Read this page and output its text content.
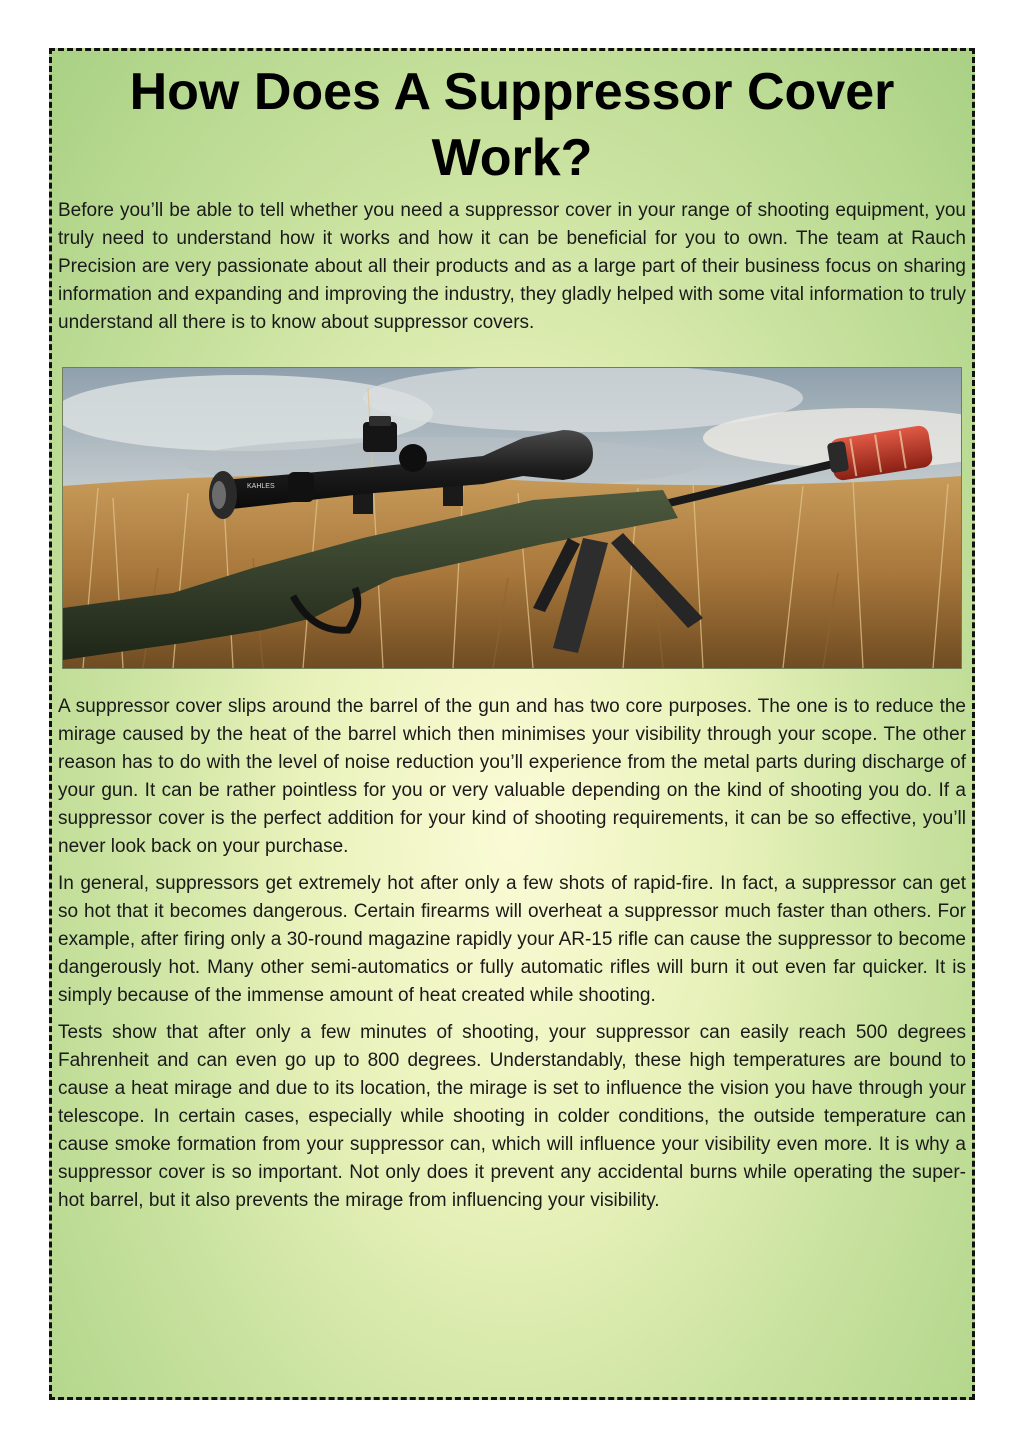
How Does A Suppressor Cover Work?

Before you’ll be able to tell whether you need a suppressor cover in your range of shooting equipment, you truly need to understand how it works and how it can be beneficial for you to own. The team at Rauch Precision are very passionate about all their products and as a large part of their business focus on sharing information and expanding and improving the industry, they gladly helped with some vital information to truly understand all there is to know about suppressor covers.

KAHLES

A suppressor cover slips around the barrel of the gun and has two core purposes. The one is to reduce the mirage caused by the heat of the barrel which then minimises your visibility through your scope. The other reason has to do with the level of noise reduction you’ll experience from the metal parts during discharge of your gun. It can be rather pointless for you or very valuable depending on the kind of shooting you do. If a suppressor cover is the perfect addition for your kind of shooting requirements, it can be so effective, you’ll never look back on your purchase.

In general, suppressors get extremely hot after only a few shots of rapid-fire. In fact, a suppressor can get so hot that it becomes dangerous. Certain firearms will overheat a suppressor much faster than others. For example, after firing only a 30-round magazine rapidly your AR-15 rifle can cause the suppressor to become dangerously hot. Many other semi-automatics or fully automatic rifles will burn it out even far quicker. It is simply because of the immense amount of heat created while shooting.

Tests show that after only a few minutes of shooting, your suppressor can easily reach 500 degrees Fahrenheit and can even go up to 800 degrees. Understandably, these high temperatures are bound to cause a heat mirage and due to its location, the mirage is set to influence the vision you have through your telescope. In certain cases, especially while shooting in colder conditions, the outside temperature can cause smoke formation from your suppressor can, which will influence your visibility even more. It is why a suppressor cover is so important. Not only does it prevent any accidental burns while operating the super-hot barrel, but it also prevents the mirage from influencing your visibility.
